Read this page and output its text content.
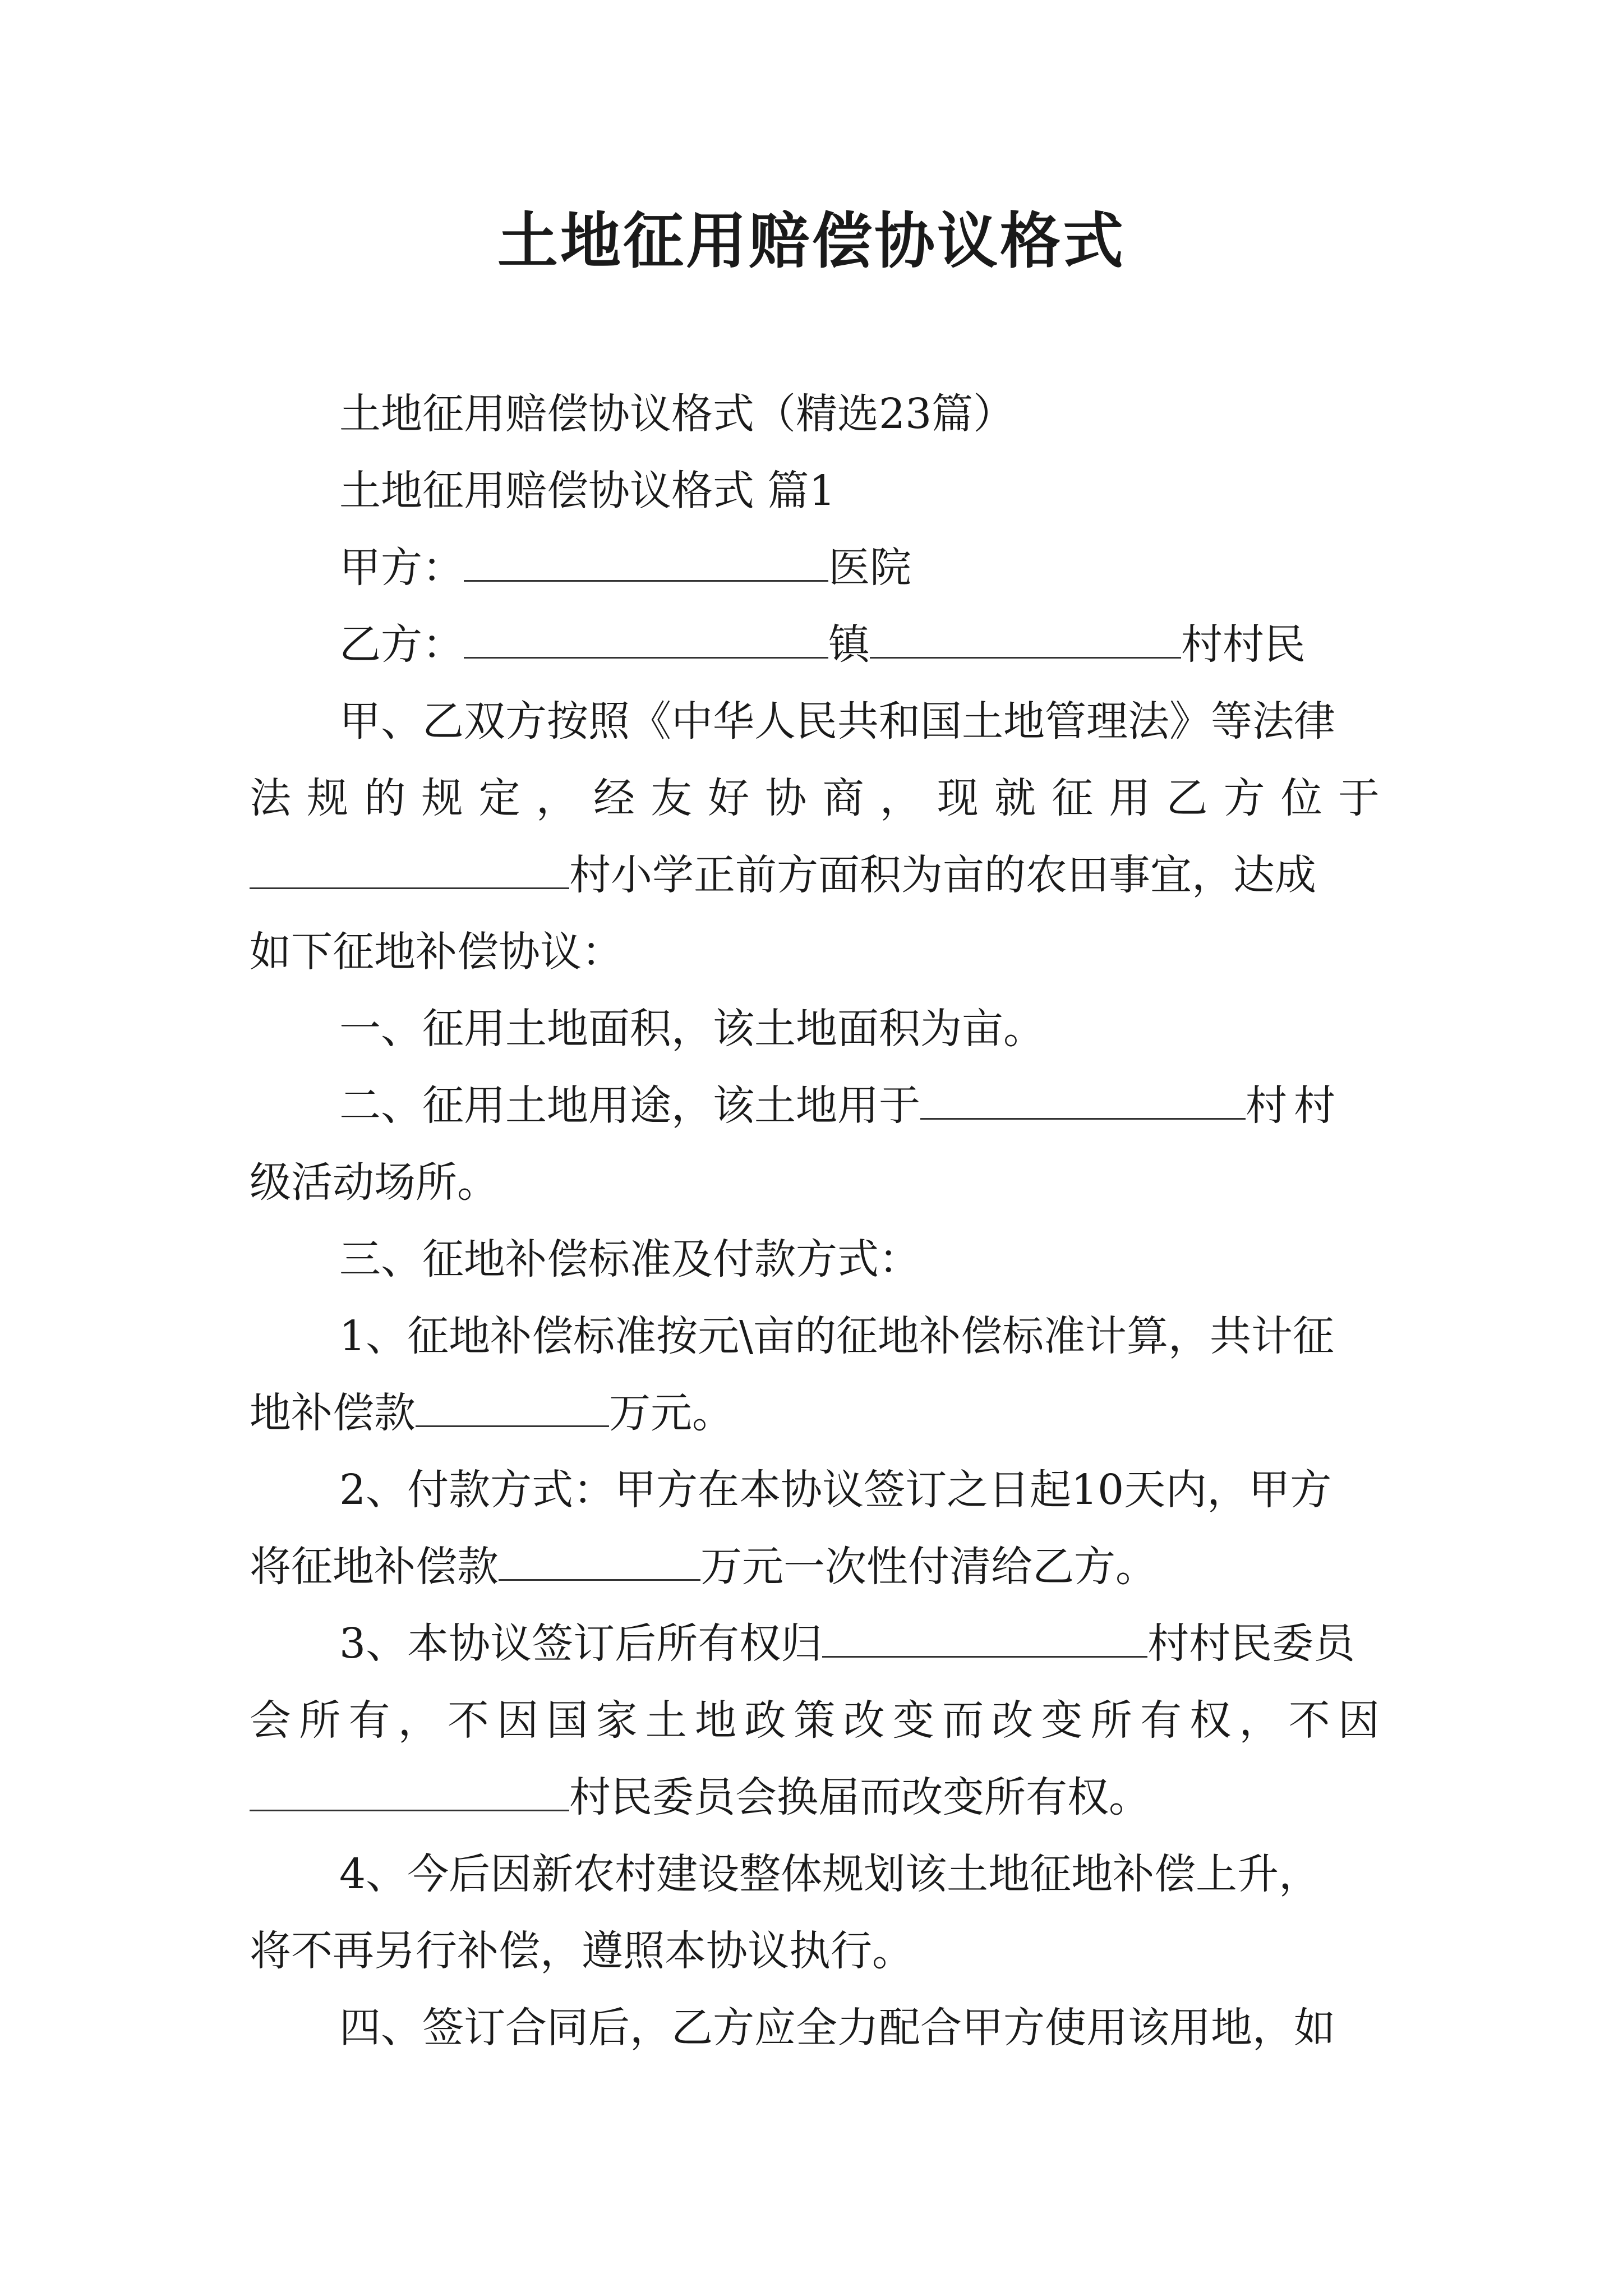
土地征用赔偿协议格式
土地征用赔偿协议格式（精选23篇）
土地征用赔偿协议格式 篇1
甲方：	医院
乙方：	镇	村村民
甲、乙双方按照《中华人民共和国土地管理法》等法律
法 规 的 规 定 ， 经 友 好 协 商 ， 现 就 征 用 乙 方 位 于
村小学正前方面积为亩的农田事宜，达成
如下征地补偿协议：
一、征用土地面积，该土地面积为亩。
二、征用土地用途，该土地用于	村村
级活动场所。
三、征地补偿标准及付款方式：
1、征地补偿标准按元\亩的征地补偿标准计算，共计征
地补偿款	万元。
2、付款方式：甲方在本协议签订之日起10天内，甲方
将征地补偿款	万元一次性付清给乙方。
3、本协议签订后所有权归	村村民委员
会 所 有 ， 不 因 国 家 土 地 政 策 改 变 而 改 变 所 有 权 ， 不 因
村民委员会换届而改变所有权。
4、今后因新农村建设整体规划该土地征地补偿上升，
将不再另行补偿，遵照本协议执行。
四、签订合同后，乙方应全力配合甲方使用该用地，如
